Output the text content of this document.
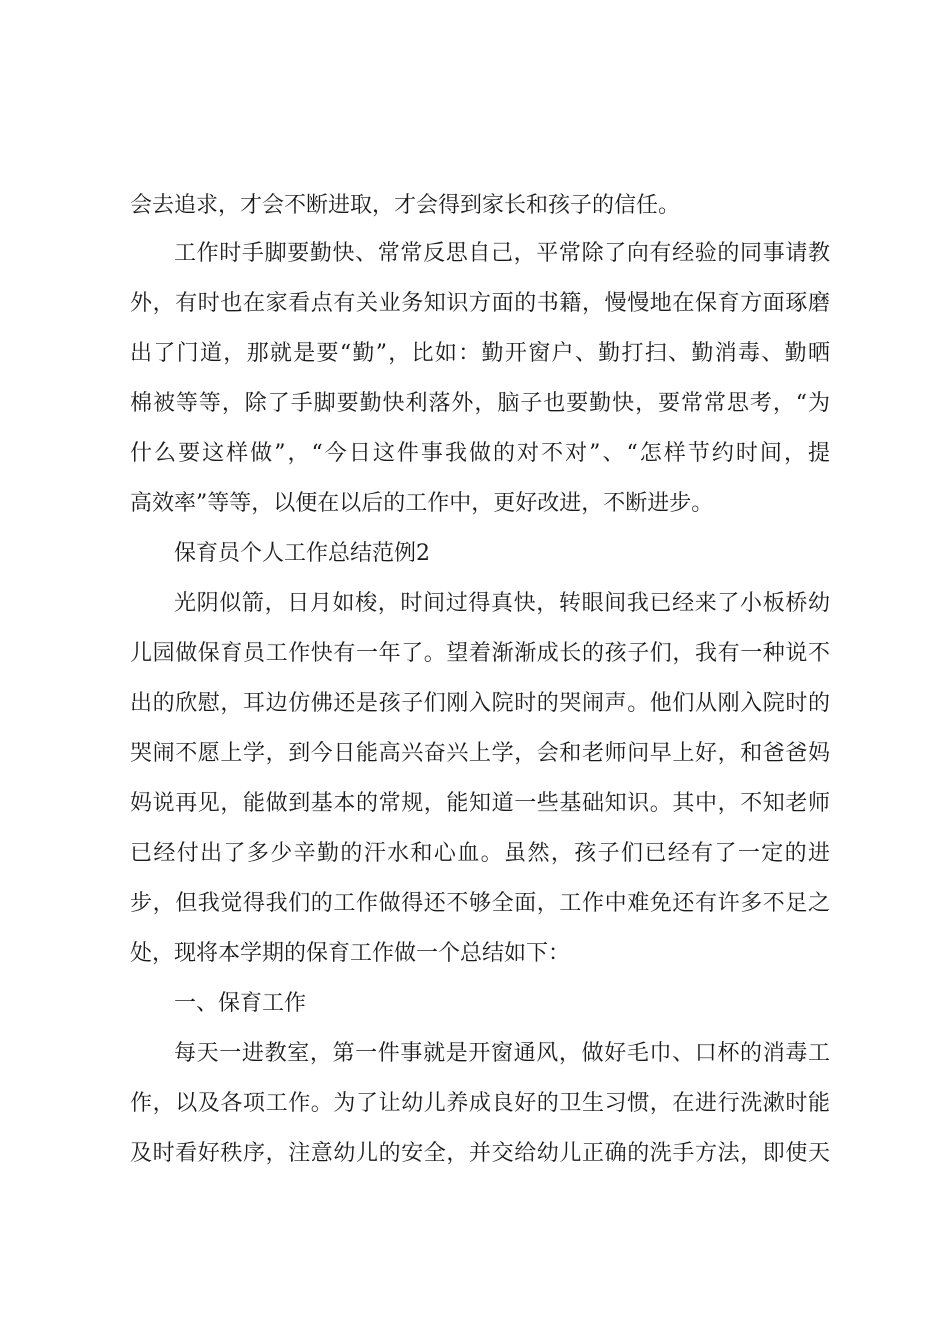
会去追求，才会不断进取，才会得到家长和孩子的信任。
工作时手脚要勤快、常常反思自己，平常除了向有经验的同事请教
外，有时也在家看点有关业务知识方面的书籍，慢慢地在保育方面琢磨
出了门道，那就是要“勤”，比如：勤开窗户、勤打扫、勤消毒、勤晒
棉被等等，除了手脚要勤快利落外，脑子也要勤快，要常常思考，“为
什么要这样做”，“今日这件事我做的对不对”、“怎样节约时间，提
高效率”等等，以便在以后的工作中，更好改进，不断进步。
保育员个人工作总结范例2
光阴似箭，日月如梭，时间过得真快，转眼间我已经来了小板桥幼
儿园做保育员工作快有一年了。望着渐渐成长的孩子们，我有一种说不
出的欣慰，耳边仿佛还是孩子们刚入院时的哭闹声。他们从刚入院时的
哭闹不愿上学，到今日能高兴奋兴上学，会和老师问早上好，和爸爸妈
妈说再见，能做到基本的常规，能知道一些基础知识。其中，不知老师
已经付出了多少辛勤的汗水和心血。虽然，孩子们已经有了一定的进
步，但我觉得我们的工作做得还不够全面，工作中难免还有许多不足之
处，现将本学期的保育工作做一个总结如下：
一、保育工作
每天一进教室，第一件事就是开窗通风，做好毛巾、口杯的消毒工
作，以及各项工作。为了让幼儿养成良好的卫生习惯，在进行洗漱时能
及时看好秩序，注意幼儿的安全，并交给幼儿正确的洗手方法，即使天
